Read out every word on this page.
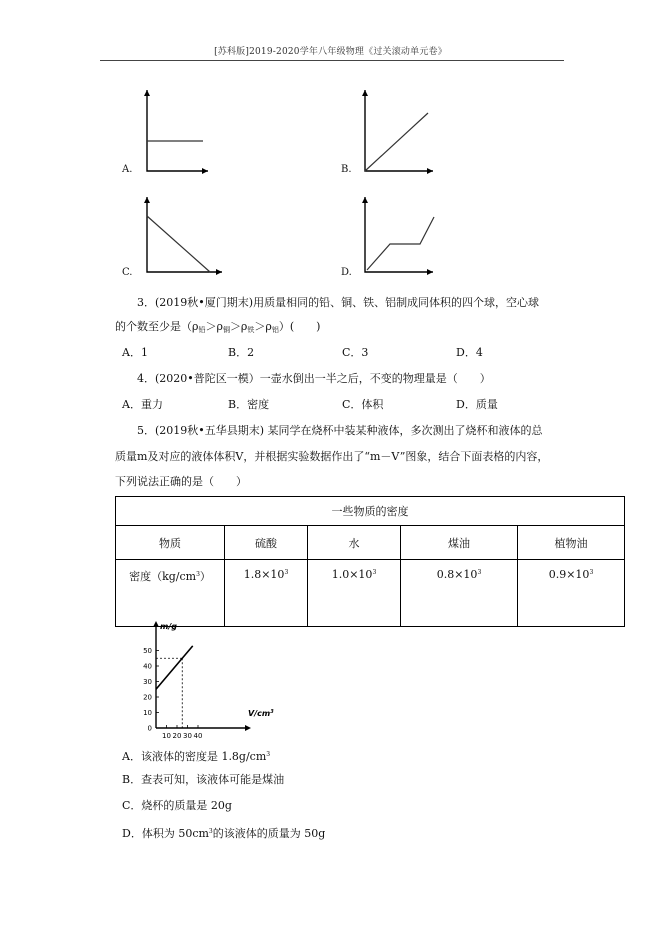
[苏科版]2019-2020学年八年级物理《过关滚动单元卷》
A.	B.
C.	D.
3．(2019秋•厦门期末)用质量相同的铅、铜、铁、铝制成同体积的四个球，空心球
的个数至少是$(\rho_铅>\rho_铜>\rho_铁>\rho_铝)$(　　)
A．1	B．2	C．3	D．4
4．(2020•普陀区一模）一壶水倒出一半之后，不变的物理量是（　　）
A．重力	B．密度	C．体积	D．质量
5．(2019秋•五华县期末) 某同学在烧杯中装某种液体，多次测出了烧杯和液体的总
质量m及对应的液体体积V，并根据实验数据作出了“m－V”图象，结合下面表格的内容，
下列说法正确的是（　　）
一些物质的密度				
物质	硫酸	水	煤油	植物油
密度$(kg/cm^3)$	$1.8\times 10^3$	$1.0\times 10^3$	$0.8\times 10^3$	$0.9\times 10^3$
m/g
$V/cm^3$
50
40
30
20
10
0
10 20 30 40
A．该液体的密度是 $1.8g/cm^3$
B．查表可知，该液体可能是煤油
C．烧杯的质量是 20g
D．体积为 $50cm^3$的该液体的质量为 50g
